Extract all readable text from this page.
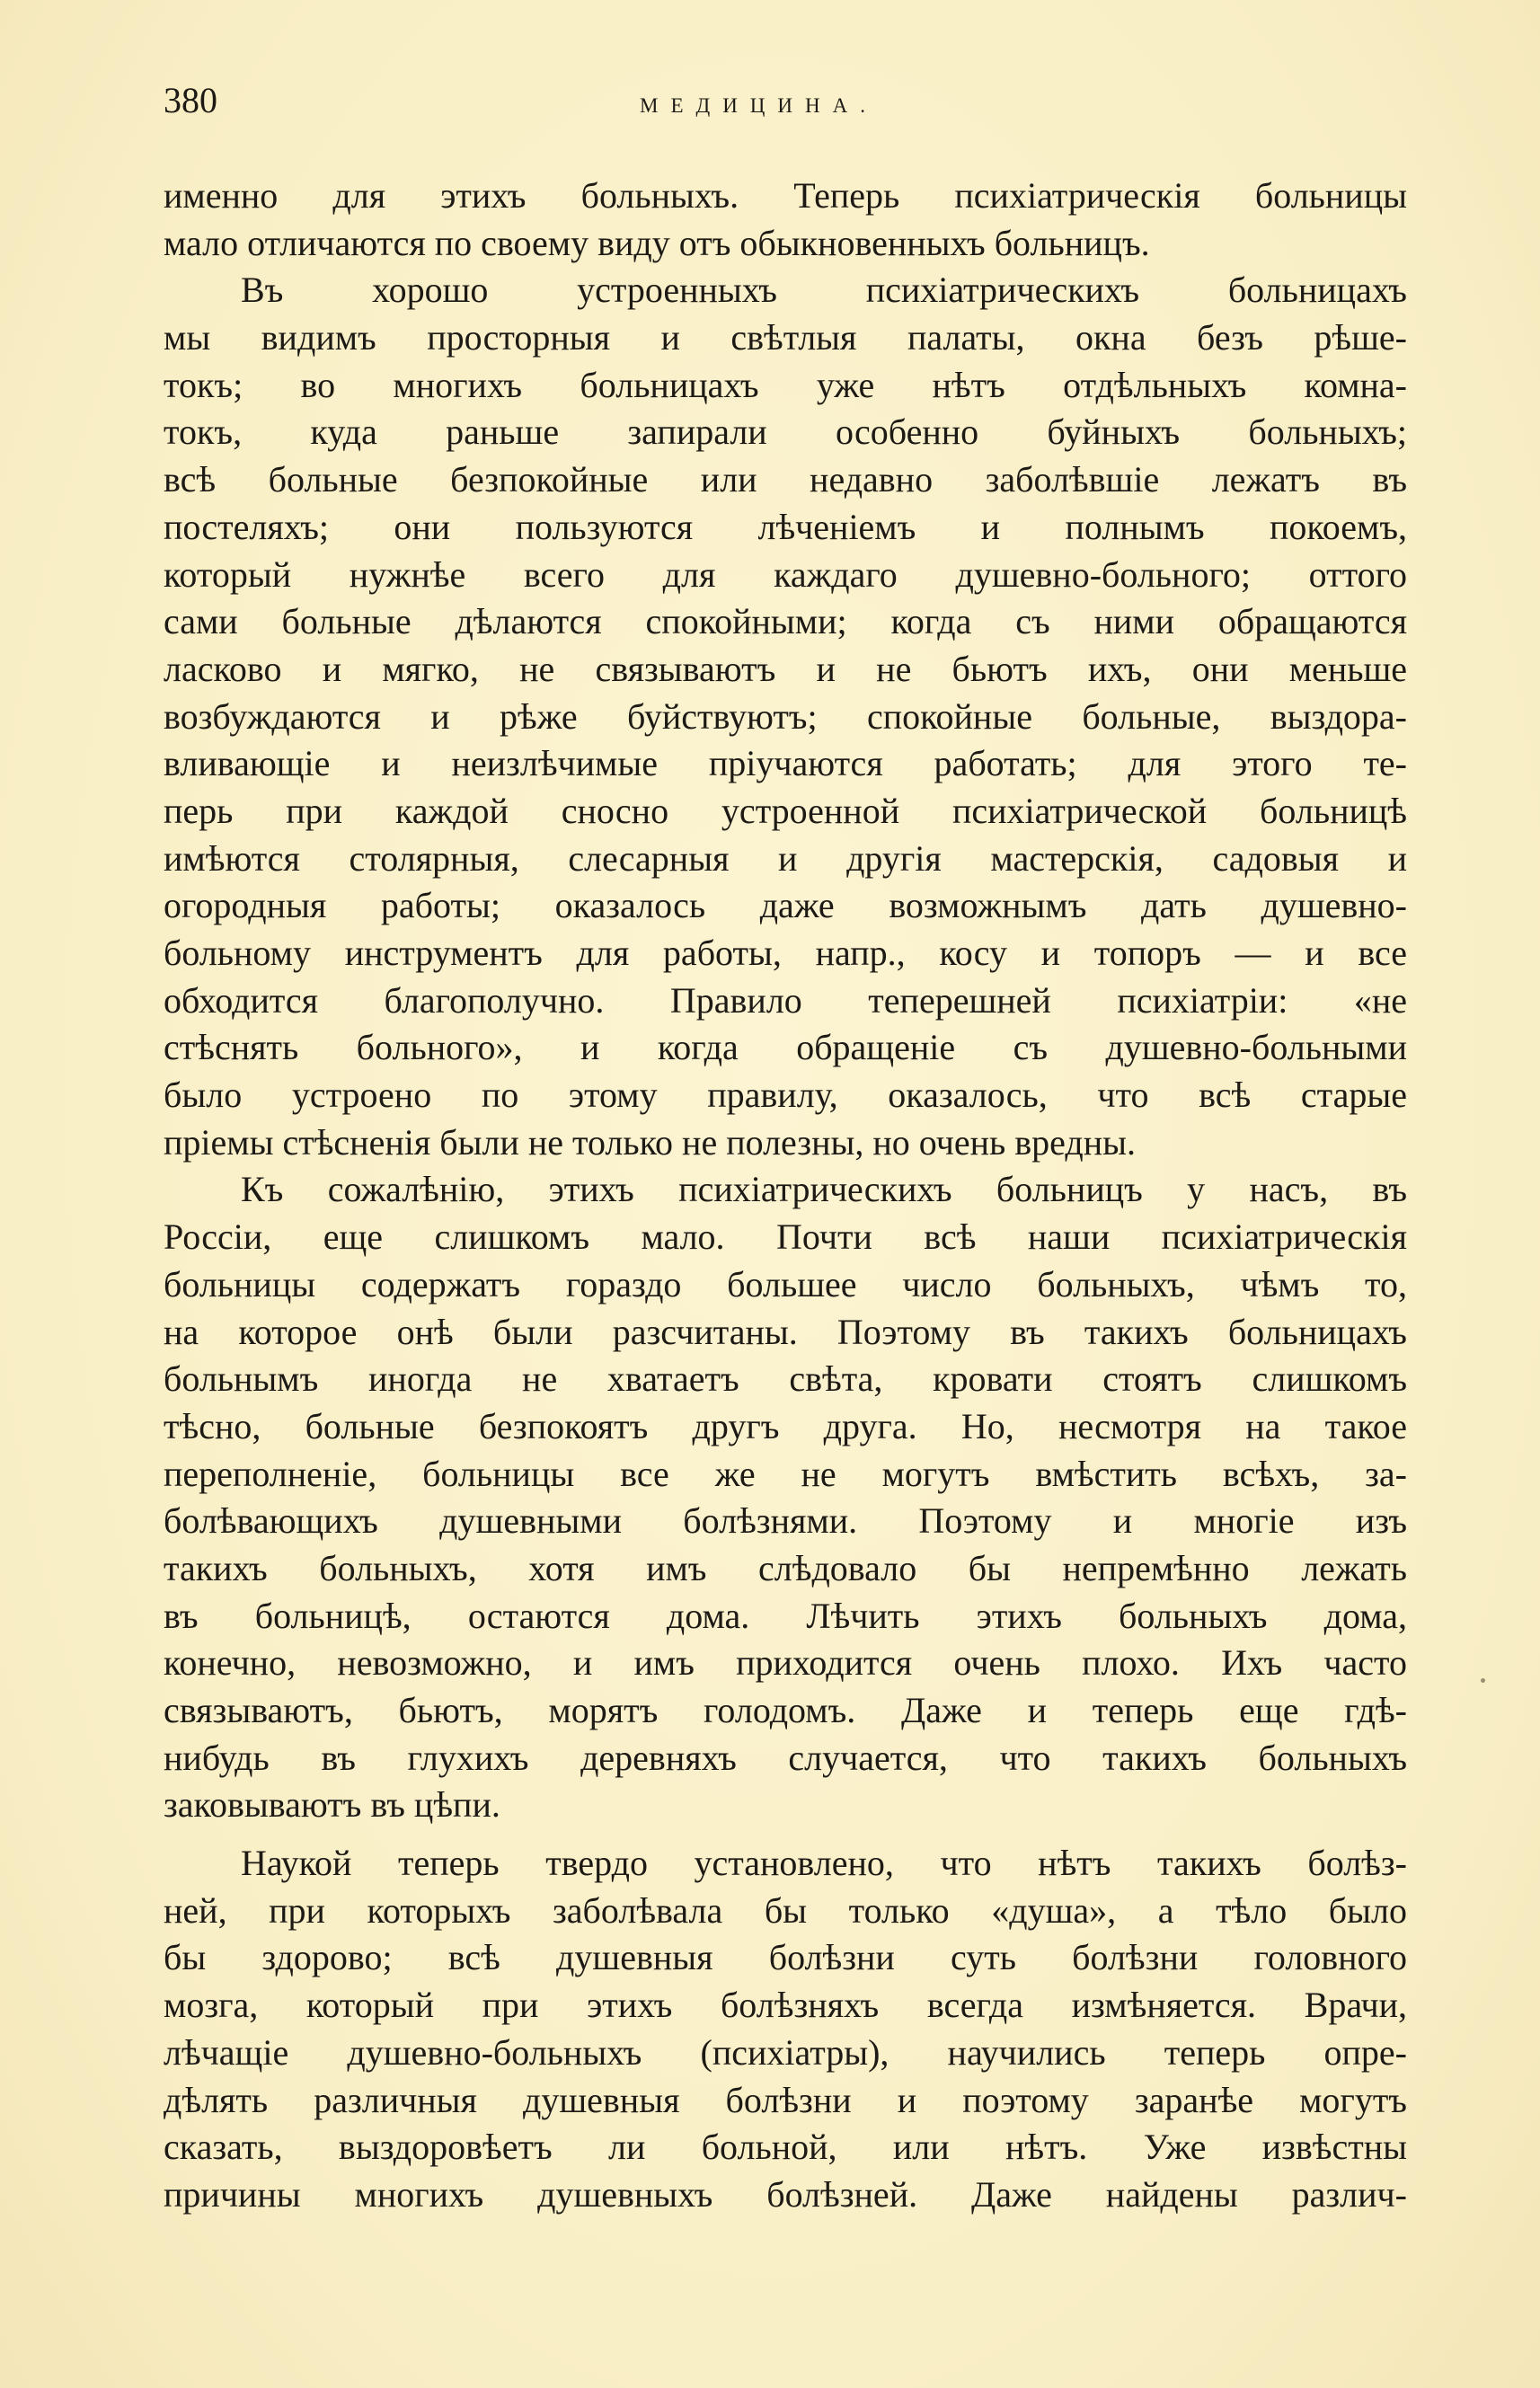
380	МЕДИЦИНА.
именно для этихъ больныхъ. Теперь психіатрическія больницы
мало отличаются по своему виду отъ обыкновенныхъ больницъ.
Въ хорошо устроенныхъ психіатрическихъ больницахъ
мы видимъ просторныя и свѣтлыя палаты, окна безъ рѣше-
токъ; во многихъ больницахъ уже нѣтъ отдѣльныхъ комна-
токъ, куда раньше запирали особенно буйныхъ больныхъ;
всѣ больные безпокойные или недавно заболѣвшіе лежатъ въ
постеляхъ; они пользуются лѣченіемъ и полнымъ покоемъ,
который нужнѣе всего для каждаго душевно-больного; оттого
сами больные дѣлаются спокойными; когда съ ними обращаются
ласково и мягко, не связываютъ и не бьютъ ихъ, они меньше
возбуждаются и рѣже буйствуютъ; спокойные больные, выздора-
вливающіе и неизлѣчимые пріучаются работать; для этого те-
перь при каждой сносно устроенной психіатрической больницѣ
имѣются столярныя, слесарныя и другія мастерскія, садовыя и
огородныя работы; оказалось даже возможнымъ дать душевно-
больному инструментъ для работы, напр., косу и топоръ — и все
обходится благополучно. Правило теперешней психіатріи: «не
стѣснять больного», и когда обращеніе съ душевно-больными
было устроено по этому правилу, оказалось, что всѣ старые
пріемы стѣсненія были не только не полезны, но очень вредны.
Къ сожалѣнію, этихъ психіатрическихъ больницъ у насъ, въ
Россіи, еще слишкомъ мало. Почти всѣ наши психіатрическія
больницы содержатъ гораздо большее число больныхъ, чѣмъ то,
на которое онѣ были разсчитаны. Поэтому въ такихъ больницахъ
больнымъ иногда не хватаетъ свѣта, кровати стоятъ слишкомъ
тѣсно, больные безпокоятъ другъ друга. Но, несмотря на такое
переполненіе, больницы все же не могутъ вмѣстить всѣхъ, за-
болѣвающихъ душевными болѣзнями. Поэтому и многіе изъ
такихъ больныхъ, хотя имъ слѣдовало бы непремѣнно лежать
въ больницѣ, остаются дома. Лѣчить этихъ больныхъ дома,
конечно, невозможно, и имъ приходится очень плохо. Ихъ часто
связываютъ, бьютъ, морятъ голодомъ. Даже и теперь еще гдѣ-
нибудь въ глухихъ деревняхъ случается, что такихъ больныхъ
заковываютъ въ цѣпи.
Наукой теперь твердо установлено, что нѣтъ такихъ болѣз-
ней, при которыхъ заболѣвала бы только «душа», а тѣло было
бы здорово; всѣ душевныя болѣзни суть болѣзни головного
мозга, который при этихъ болѣзняхъ всегда измѣняется. Врачи,
лѣчащіе душевно-больныхъ (психіатры), научились теперь опре-
дѣлять различныя душевныя болѣзни и поэтому заранѣе могутъ
сказать, выздоровѣетъ ли больной, или нѣтъ. Уже извѣстны
причины многихъ душевныхъ болѣзней. Даже найдены различ-
